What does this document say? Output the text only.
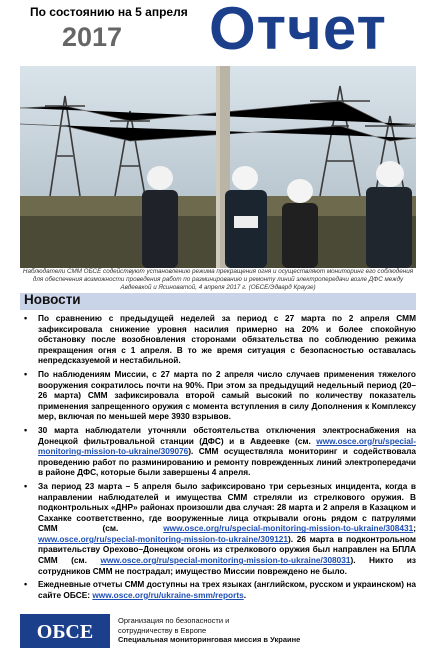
По состоянию на 5 апреля
2017 Отчет
Наблюдатели СММ ОБСЕ содействуют установлению режима прекращения огня и осуществляют мониторинг его соблюдения для обеспечения возможности проведения работ по разминированию и ремонту линий электропередачи возле ДФС между Авдеевкой и Ясиноватой, 4 апреля 2017 г. (ОБСЕ/Эдвард Краузе)
Новости
• По сравнению с предыдущей неделей за период с 27 марта по 2 апреля СММ зафиксировала снижение уровня насилия примерно на 20% и более спокойную обстановку после возобновления сторонами обязательства по соблюдению режима прекращения огня с 1 апреля. В то же время ситуация с безопасностью оставалась непредсказуемой и нестабильной.
• По наблюдениям Миссии, с 27 марта по 2 апреля число случаев применения тяжелого вооружения сократилось почти на 90%. При этом за предыдущий недельный период (20–26 марта) СММ зафиксировала второй самый высокий по количеству показатель применения запрещенного оружия с момента вступления в силу Дополнения к Комплексу мер, включая по меньшей мере 3930 взрывов.
• 30 марта наблюдатели уточняли обстоятельства отключения электроснабжения на Донецкой фильтровальной станции (ДФС) и в Авдеевке (см. www.osce.org/ru/special-monitoring-mission-to-ukraine/309076). СММ осуществляла мониторинг и содействовала проведению работ по разминированию и ремонту поврежденных линий электропередачи в районе ДФС, которые были завершены 4 апреля.
• За период 23 марта – 5 апреля было зафиксировано три серьезных инцидента, когда в направлении наблюдателей и имущества СММ стреляли из стрелкового оружия. В подконтрольных «ДНР» районах произошли два случая: 28 марта и 2 апреля в Казацком и Саханке соответственно, где вооруженные лица открывали огонь рядом с патрулями СММ (см. www.osce.org/ru/special-monitoring-mission-to-ukraine/308431; www.osce.org/ru/special-monitoring-mission-to-ukraine/309121). 26 марта в подконтрольном правительству Орехово–Донецком огонь из стрелкового оружия был направлен на БПЛА СММ (см. www.osce.org/ru/special-monitoring-mission-to-ukraine/308031). Никто из сотрудников СММ не пострадал; имущество Миссии повреждено не было.
• Ежедневные отчеты СММ доступны на трех языках (английском, русском и украинском) на сайте ОБСЕ: www.osce.org/ru/ukraine-smm/reports.
ОБСЕ
Организация по безопасности и
сотрудничеству в Европе
Специальная мониторинговая миссия в Украине
